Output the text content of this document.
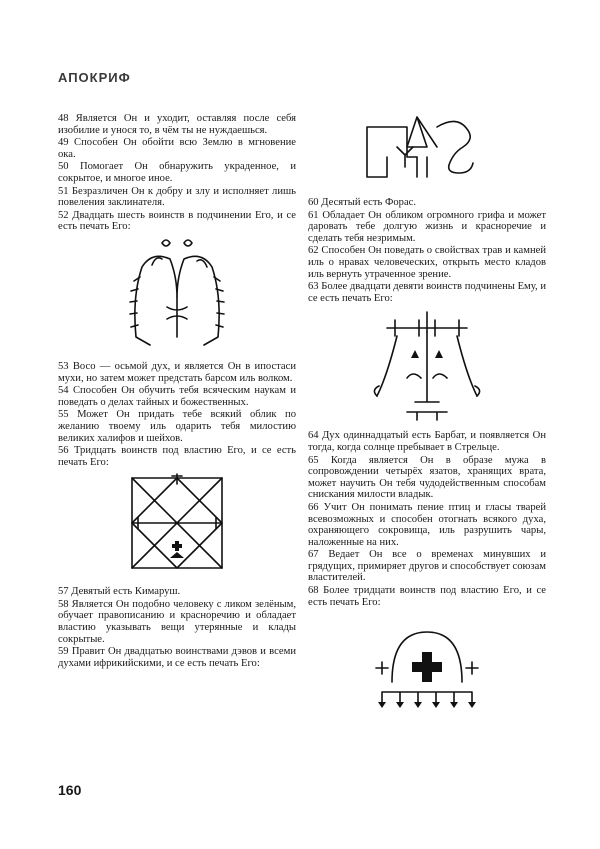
АПОКРИФ

48 Является Он и уходит, оставляя после себя изобилие и унося то, в чём ты не нуждаешься.

49 Способен Он обойти всю Землю в мгновение ока.

50 Помогает Он обнаружить украденное, и сокрытое, и многое иное.

51 Безразличен Он к добру и злу и исполняет лишь повеления заклинателя.

52 Двадцать шесть воинств в подчинении Его, и се есть печать Его:

53 Восо — осьмой дух, и является Он в ипостаси мухи, но затем может предстать барсом иль волком.

54 Способен Он обучить тебя всяческим наукам и поведать о делах тайных и божественных.

55 Может Он придать тебе всякий облик по желанию твоему иль одарить тебя милостию великих халифов и шейхов.

56 Тридцать воинств под властию Его, и се есть печать Его:

57 Девятый есть Кимаруш.

58 Является Он подобно человеку с ликом зелёным, обучает правописанию и красноречию и обладает властию указывать вещи утерянные и клады сокрытые.

59 Правит Он двадцатью воинствами дэвов и всеми духами ифрикийскими, и се есть печать Его:

60 Десятый есть Форас.

61 Обладает Он обликом огромного грифа и может даровать тебе долгую жизнь и красноречие и сделать тебя незримым.

62 Способен Он поведать о свойствах трав и камней иль о нравах человеческих, открыть место кладов иль вернуть утраченное зрение.

63 Более двадцати девяти воинств подчинены Ему, и се есть печать Его:

64 Дух одиннадцатый есть Барбат, и появляется Он тогда, когда солнце пребывает в Стрельце.

65 Когда является Он в образе мужа в сопровождении четырёх язатов, хранящих врата, может научить Он тебя чудодейственным способам снискания милости владык.

66 Учит Он понимать пение птиц и гласы тварей всевозможных и способен отогнать всякого духа, охраняющего сокровища, иль разрушить чары, наложенные на них.

67 Ведает Он все о временах минувших и грядущих, примиряет другов и способствует союзам властителей.

68 Более тридцати воинств под властию Его, и се есть печать Его:

160
